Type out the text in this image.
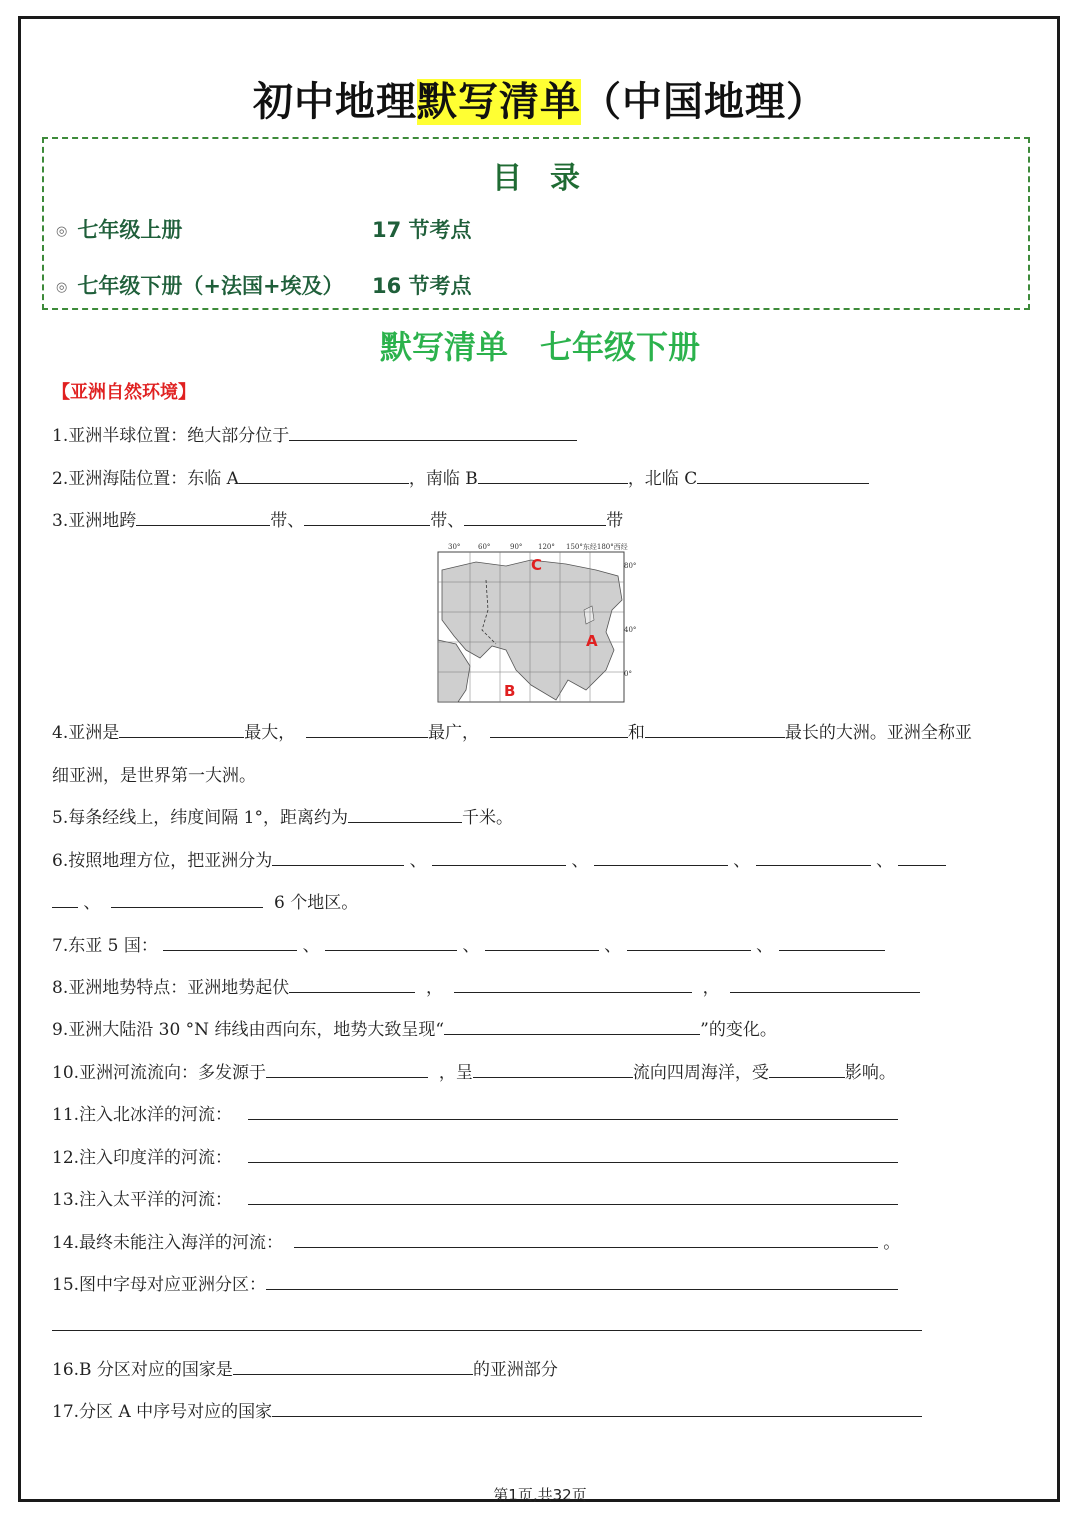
初中地理默写清单（中国地理）
目录
◎ 七年级上册	17 节考点
◎ 七年级下册（+法国+埃及） 16 节考点
默写清单　七年级下册
【亚洲自然环境】
1.亚洲半球位置：绝大部分位于
2.亚洲海陆位置：东临 A	，南临 B	，北临 C
3.亚洲地跨	带、	带、	带
30°	60°	90° 120° 150°东经180°西经
80°
40°
0°
C
A
B
4.亚洲是	最大，	最广，	和	最长的大洲。亚洲全称亚
细亚洲，是世界第一大洲。
5.每条经线上，纬度间隔 1°，距离约为	千米。
6.按照地理方位，把亚洲分为	、	、	、	、
、	6 个地区。
7.东亚 5 国：	、	、	、	、
8.亚洲地势特点：亚洲地势起伏	，	，
9.亚洲大陆沿 30 °N 纬线由西向东，地势大致呈现“	”的变化。
10.亚洲河流流向：多发源于	，呈	流向四周海洋，受	影响。
11.注入北冰洋的河流：
12.注入印度洋的河流：
13.注入太平洋的河流：
14.最终未能注入海洋的河流：	。
15.图中字母对应亚洲分区：
16.B 分区对应的国家是	的亚洲部分
17.分区 A 中序号对应的国家
第1页,共32页
